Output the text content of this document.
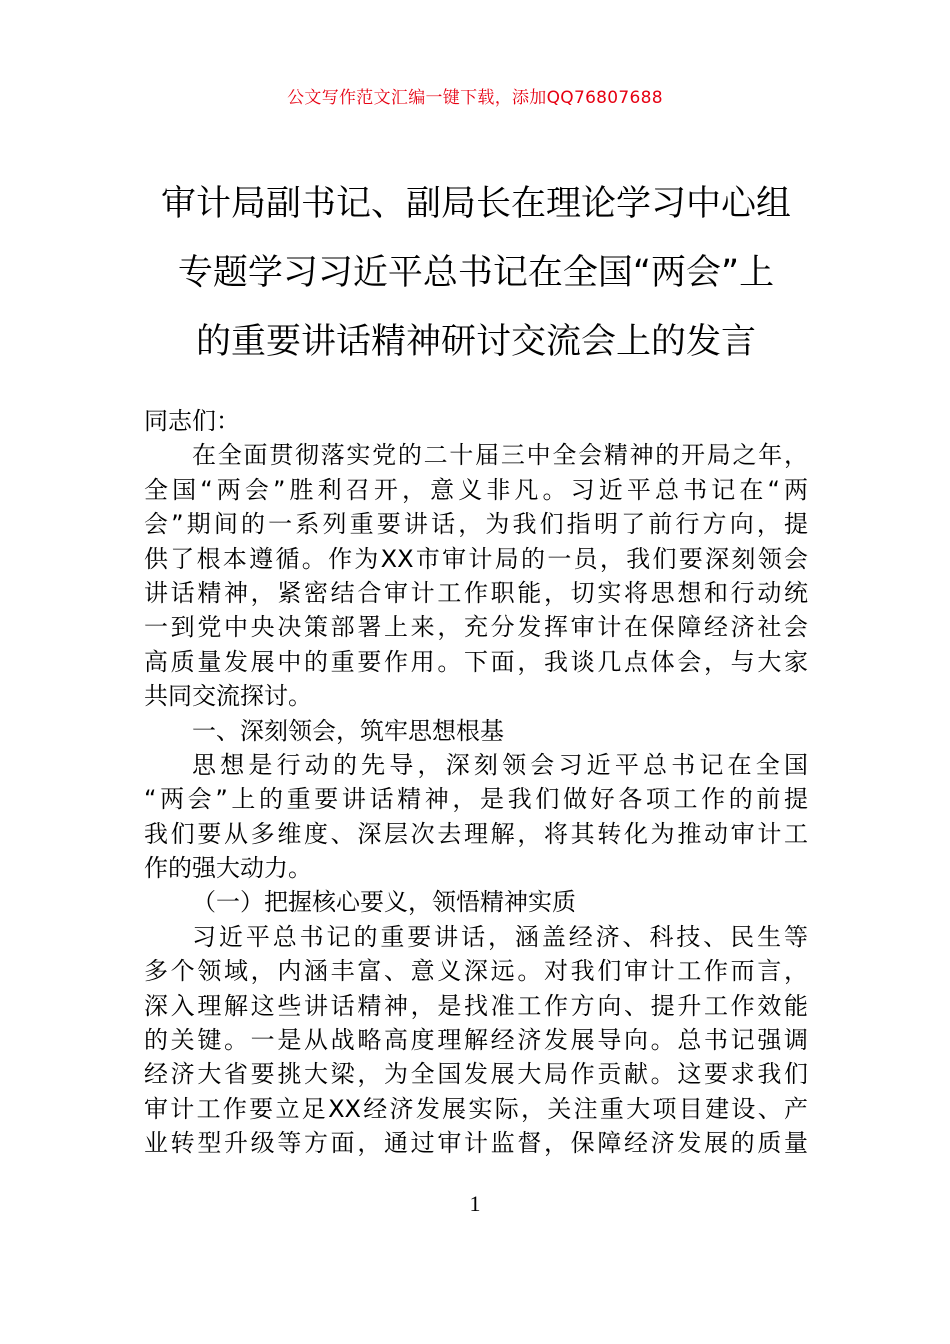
公文写作范文汇编一键下载，添加QQ76807688
审计局副书记、副局长在理论学习中心组
专题学习习近平总书记在全国“两会”上
的重要讲话精神研讨交流会上的发言
同志们：
在全面贯彻落实党的二十届三中全会精神的开局之年，
全国“两会”胜利召开，意义非凡。习近平总书记在“两
会”期间的一系列重要讲话，为我们指明了前行方向，提
供了根本遵循。作为XX市审计局的一员，我们要深刻领会
讲话精神，紧密结合审计工作职能，切实将思想和行动统
一到党中央决策部署上来，充分发挥审计在保障经济社会
高质量发展中的重要作用。下面，我谈几点体会，与大家
共同交流探讨。
一、深刻领会，筑牢思想根基
思想是行动的先导，深刻领会习近平总书记在全国
“两会”上的重要讲话精神，是我们做好各项工作的前提
我们要从多维度、深层次去理解，将其转化为推动审计工
作的强大动力。
（一）把握核心要义，领悟精神实质
习近平总书记的重要讲话，涵盖经济、科技、民生等
多个领域，内涵丰富、意义深远。对我们审计工作而言，
深入理解这些讲话精神，是找准工作方向、提升工作效能
的关键。一是从战略高度理解经济发展导向。总书记强调
经济大省要挑大梁，为全国发展大局作贡献。这要求我们
审计工作要立足XX经济发展实际，关注重大项目建设、产
业转型升级等方面，通过审计监督，保障经济发展的质量
1
